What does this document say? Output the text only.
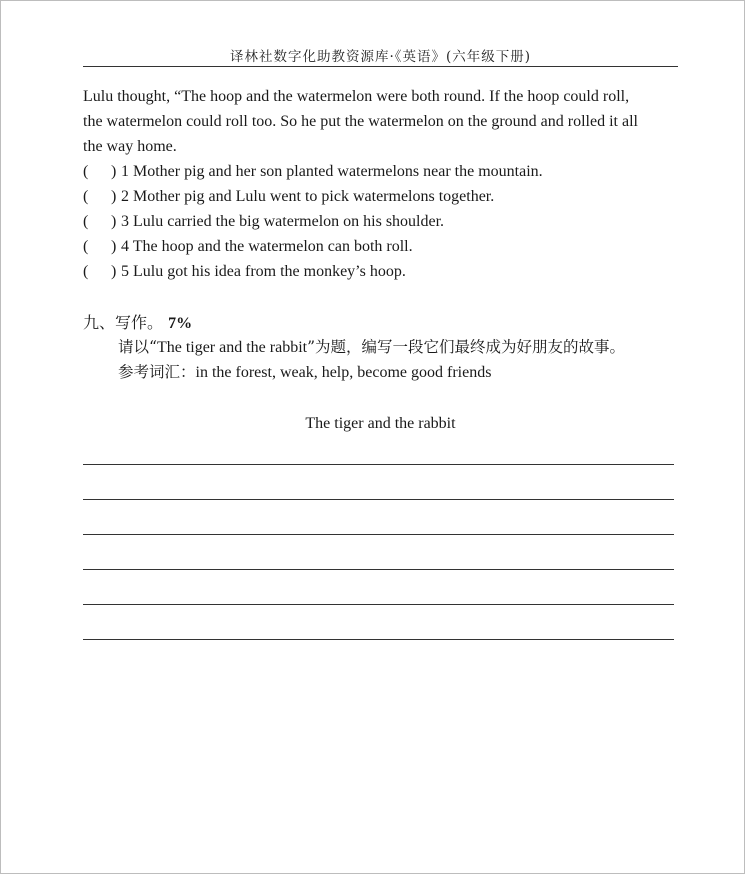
译林社数字化助教资源库·《英语》(六年级下册)
Lulu thought, “The hoop and the watermelon were both round. If the hoop could roll,
the watermelon could roll too. So he put the watermelon on the ground and rolled it all
the way home.
( ) 1 Mother pig and her son planted watermelons near the mountain.
( ) 2 Mother pig and Lulu went to pick watermelons together.
( ) 3 Lulu carried the big watermelon on his shoulder.
( ) 4 The hoop and the watermelon can both roll.
( ) 5 Lulu got his idea from the monkey’s hoop.
九、写作。 7%
请以“The tiger and the rabbit”为题，编写一段它们最终成为好朋友的故事。
参考词汇：in the forest, weak, help, become good friends
The tiger and the rabbit
